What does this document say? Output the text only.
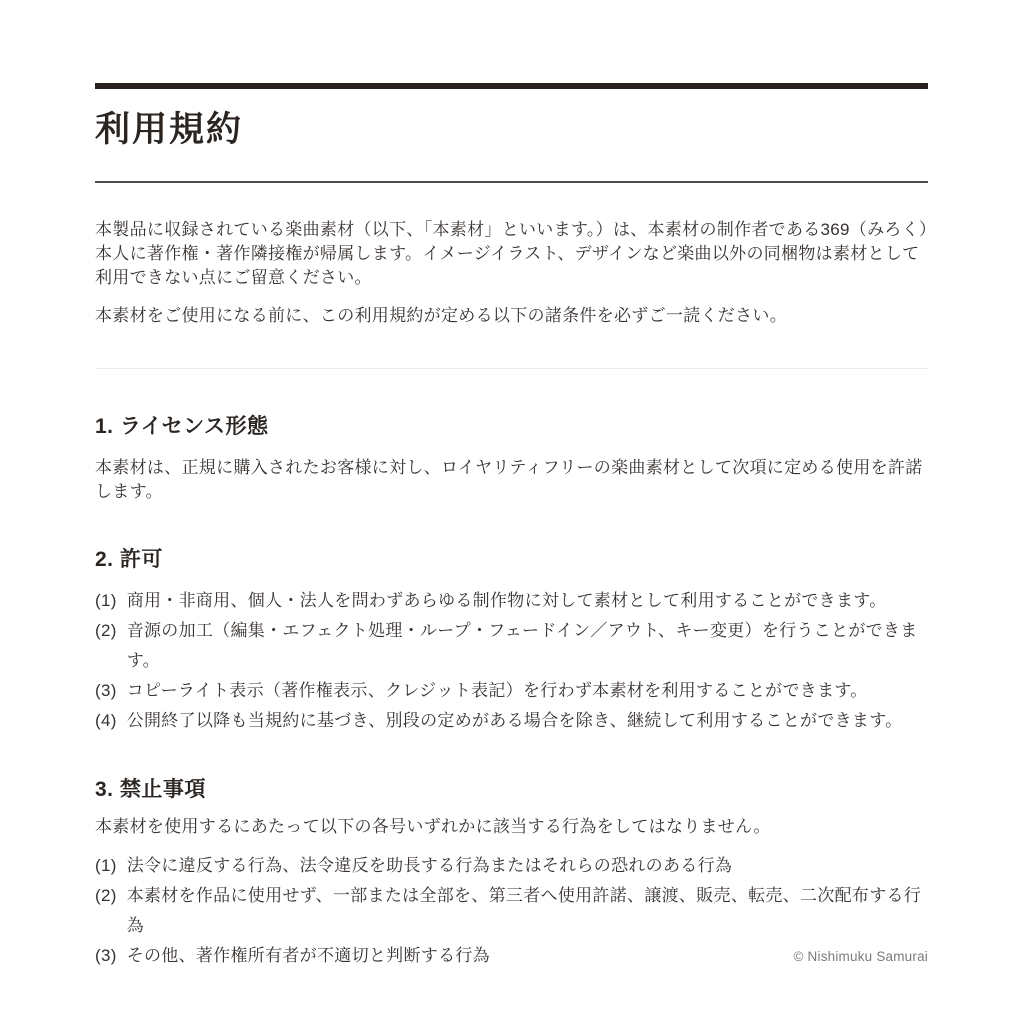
利用規約

本製品に収録されている楽曲素材（以下、「本素材」といいます。）は、本素材の制作者である369（みろく）本人に著作権・著作隣接権が帰属します。イメージイラスト、デザインなど楽曲以外の同梱物は素材として利用できない点にご留意ください。

本素材をご使用になる前に、この利用規約が定める以下の諸条件を必ずご一読ください。

1. ライセンス形態

本素材は、正規に購入されたお客様に対し、ロイヤリティフリーの楽曲素材として次項に定める使用を許諾します。

2. 許可
(1) 商用・非商用、個人・法人を問わずあらゆる制作物に対して素材として利用することができます。
(2) 音源の加工（編集・エフェクト処理・ループ・フェードイン／アウト、キー変更）を行うことができます。
(3) コピーライト表示（著作権表示、クレジット表記）を行わず本素材を利用することができます。
(4) 公開終了以降も当規約に基づき、別段の定めがある場合を除き、継続して利用することができます。
3. 禁止事項

本素材を使用するにあたって以下の各号いずれかに該当する行為をしてはなりません。

(1) 法令に違反する行為、法令違反を助長する行為またはそれらの恐れのある行為
(2) 本素材を作品に使用せず、一部または全部を、第三者へ使用許諾、譲渡、販売、転売、二次配布する行為
(3) その他、著作権所有者が不適切と判断する行為	© Nishimuku Samurai
